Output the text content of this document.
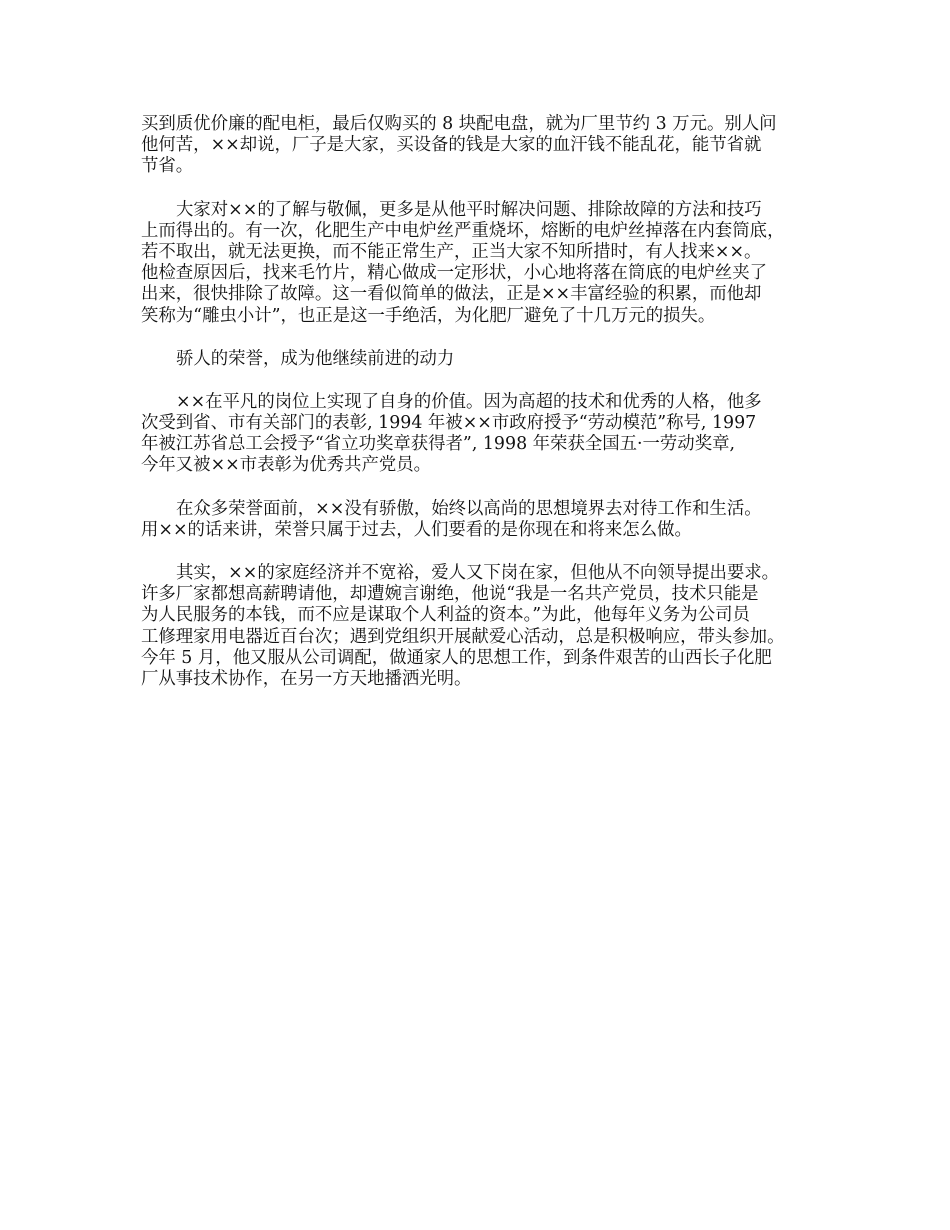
买到质优价廉的配电柜，最后仅购买的 8 块配电盘，就为厂里节约 3 万元。别人问
他何苦，××却说，厂子是大家，买设备的钱是大家的血汗钱不能乱花，能节省就
节省。
大家对××的了解与敬佩，更多是从他平时解决问题、排除故障的方法和技巧
上而得出的。有一次，化肥生产中电炉丝严重烧坏，熔断的电炉丝掉落在内套筒底，
若不取出，就无法更换，而不能正常生产，正当大家不知所措时，有人找来××。
他检查原因后，找来毛竹片，精心做成一定形状，小心地将落在筒底的电炉丝夹了
出来，很快排除了故障。这一看似简单的做法，正是××丰富经验的积累，而他却
笑称为“雕虫小计”，也正是这一手绝活，为化肥厂避免了十几万元的损失。
骄人的荣誉，成为他继续前进的动力
××在平凡的岗位上实现了自身的价值。因为高超的技术和优秀的人格，他多
次受到省、市有关部门的表彰, 1994 年被××市政府授予“劳动模范”称号, 1997
年被江苏省总工会授予“省立功奖章获得者”, 1998 年荣获全国五·一劳动奖章,
今年又被××市表彰为优秀共产党员。
在众多荣誉面前，××没有骄傲，始终以高尚的思想境界去对待工作和生活。
用××的话来讲，荣誉只属于过去，人们要看的是你现在和将来怎么做。
其实，××的家庭经济并不宽裕，爱人又下岗在家，但他从不向领导提出要求。
许多厂家都想高薪聘请他，却遭婉言谢绝，他说“我是一名共产党员，技术只能是
为人民服务的本钱，而不应是谋取个人利益的资本。”为此，他每年义务为公司员
工修理家用电器近百台次；遇到党组织开展献爱心活动，总是积极响应，带头参加。
今年 5 月，他又服从公司调配，做通家人的思想工作，到条件艰苦的山西长子化肥
厂从事技术协作，在另一方天地播洒光明。
